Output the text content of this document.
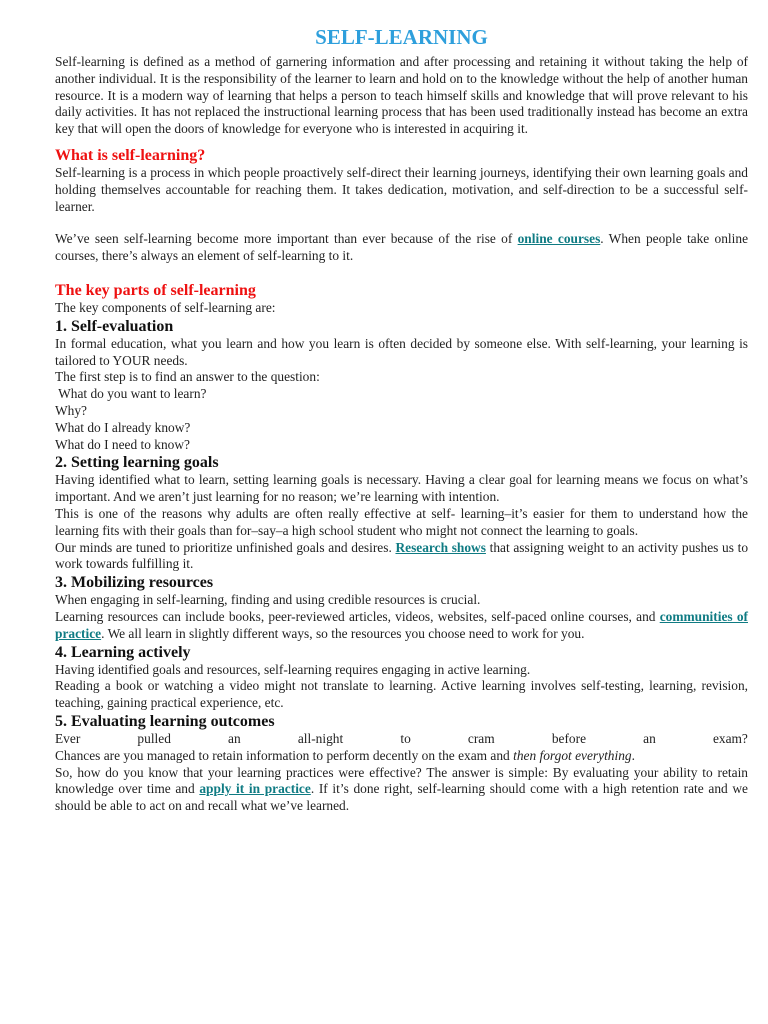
SELF-LEARNING

Self-learning is defined as a method of garnering information and after processing and retaining it without taking the help of another individual. It is the responsibility of the learner to learn and hold on to the knowledge without the help of another human resource. It is a modern way of learning that helps a person to teach himself skills and knowledge that will prove relevant to his daily activities. It has not replaced the instructional learning process that has been used traditionally instead has become an extra key that will open the doors of knowledge for everyone who is interested in acquiring it.

What is self-learning?

Self-learning is a process in which people proactively self-direct their learning journeys, identifying their own learning goals and holding themselves accountable for reaching them. It takes dedication, motivation, and self-direction to be a successful self-learner.

We’ve seen self-learning become more important than ever because of the rise of online courses. When people take online courses, there’s always an element of self-learning to it.

The key parts of self-learning

The key components of self-learning are:

1. Self-evaluation

In formal education, what you learn and how you learn is often decided by someone else. With self-learning, your learning is tailored to YOUR needs.

The first step is to find an answer to the question:

What do you want to learn?

Why?

What do I already know?

What do I need to know?

2. Setting learning goals

Having identified what to learn, setting learning goals is necessary. Having a clear goal for learning means we focus on what’s important. And we aren’t just learning for no reason; we’re learning with intention.

This is one of the reasons why adults are often really effective at self- learning–it’s easier for them to understand how the learning fits with their goals than for–say–a high school student who might not connect the learning to goals.

Our minds are tuned to prioritize unfinished goals and desires. Research shows that assigning weight to an activity pushes us to work towards fulfilling it.

3. Mobilizing resources

When engaging in self-learning, finding and using credible resources is crucial.

Learning resources can include books, peer-reviewed articles, videos, websites, self-paced online courses, and communities of practice. We all learn in slightly different ways, so the resources you choose need to work for you.

4. Learning actively

Having identified goals and resources, self-learning requires engaging in active learning.

Reading a book or watching a video might not translate to learning. Active learning involves self-testing, learning, revision, teaching, gaining practical experience, etc.

5. Evaluating learning outcomes
Ever	pulled	an	all-night	to	cram	before	an	exam?

Chances are you managed to retain information to perform decently on the exam and then forgot everything.

So, how do you know that your learning practices were effective? The answer is simple: By evaluating your ability to retain knowledge over time and apply it in practice. If it’s done right, self-learning should come with a high retention rate and we should be able to act on and recall what we’ve learned.
